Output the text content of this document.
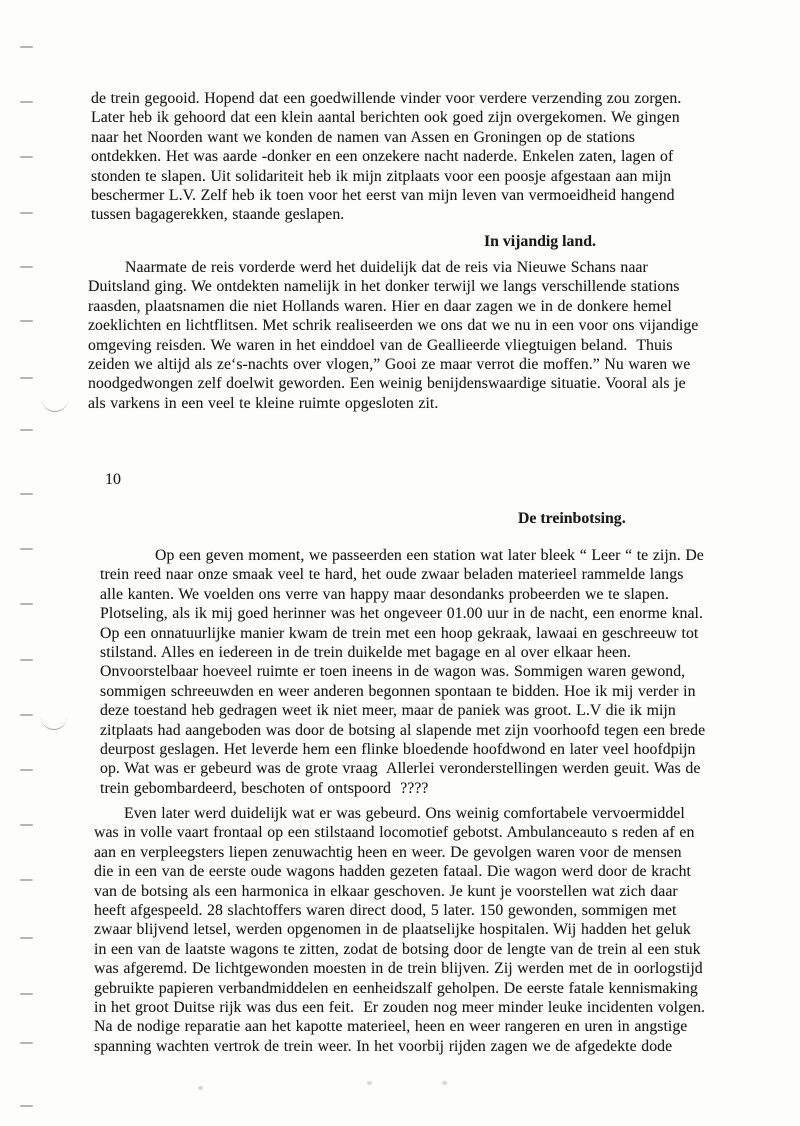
de trein gegooid. Hopend dat een goedwillende vinder voor verdere verzending zou zorgen.
Later heb ik gehoord dat een klein aantal berichten ook goed zijn overgekomen. We gingen
naar het Noorden want we konden de namen van Assen en Groningen op de stations
ontdekken. Het was aarde -donker en een onzekere nacht naderde. Enkelen zaten, lagen of
stonden te slapen. Uit solidariteit heb ik mijn zitplaats voor een poosje afgestaan aan mijn
beschermer L.V. Zelf heb ik toen voor het eerst van mijn leven van vermoeidheid hangend
tussen bagagerekken, staande geslapen.
In vijandig land.
Naarmate de reis vorderde werd het duidelijk dat de reis via Nieuwe Schans naar
Duitsland ging. We ontdekten namelijk in het donker terwijl we langs verschillende stations
raasden, plaatsnamen die niet Hollands waren. Hier en daar zagen we in de donkere hemel
zoeklichten en lichtflitsen. Met schrik realiseerden we ons dat we nu in een voor ons vijandige
omgeving reisden. We waren in het einddoel van de Geallieerde vliegtuigen beland.  Thuis
zeiden we altijd als ze‘s-nachts over vlogen,” Gooi ze maar verrot die moffen.” Nu waren we
noodgedwongen zelf doelwit geworden. Een weinig benijdenswaardige situatie. Vooral als je
als varkens in een veel te kleine ruimte opgesloten zit.
10
De treinbotsing.
Op een geven moment, we passeerden een station wat later bleek “ Leer “ te zijn. De
trein reed naar onze smaak veel te hard, het oude zwaar beladen materieel rammelde langs
alle kanten. We voelden ons verre van happy maar desondanks probeerden we te slapen.
Plotseling, als ik mij goed herinner was het ongeveer 01.00 uur in de nacht, een enorme knal.
Op een onnatuurlijke manier kwam de trein met een hoop gekraak, lawaai en geschreeuw tot
stilstand. Alles en iedereen in de trein duikelde met bagage en al over elkaar heen.
Onvoorstelbaar hoeveel ruimte er toen ineens in de wagon was. Sommigen waren gewond,
sommigen schreeuwden en weer anderen begonnen spontaan te bidden. Hoe ik mij verder in
deze toestand heb gedragen weet ik niet meer, maar de paniek was groot. L.V die ik mijn
zitplaats had aangeboden was door de botsing al slapende met zijn voorhoofd tegen een brede
deurpost geslagen. Het leverde hem een flinke bloedende hoofdwond en later veel hoofdpijn
op. Wat was er gebeurd was de grote vraag  Allerlei veronderstellingen werden geuit. Was de
trein gebombardeerd, beschoten of ontspoord  ????
Even later werd duidelijk wat er was gebeurd. Ons weinig comfortabele vervoermiddel
was in volle vaart frontaal op een stilstaand locomotief gebotst. Ambulanceauto s reden af en
aan en verpleegsters liepen zenuwachtig heen en weer. De gevolgen waren voor de mensen
die in een van de eerste oude wagons hadden gezeten fataal. Die wagon werd door de kracht
van de botsing als een harmonica in elkaar geschoven. Je kunt je voorstellen wat zich daar
heeft afgespeeld. 28 slachtoffers waren direct dood, 5 later. 150 gewonden, sommigen met
zwaar blijvend letsel, werden opgenomen in de plaatselijke hospitalen. Wij hadden het geluk
in een van de laatste wagons te zitten, zodat de botsing door de lengte van de trein al een stuk
was afgeremd. De lichtgewonden moesten in de trein blijven. Zij werden met de in oorlogstijd
gebruikte papieren verbandmiddelen en eenheidszalf geholpen. De eerste fatale kennismaking
in het groot Duitse rijk was dus een feit.  Er zouden nog meer minder leuke incidenten volgen.
Na de nodige reparatie aan het kapotte materieel, heen en weer rangeren en uren in angstige
spanning wachten vertrok de trein weer. In het voorbij rijden zagen we de afgedekte dode
